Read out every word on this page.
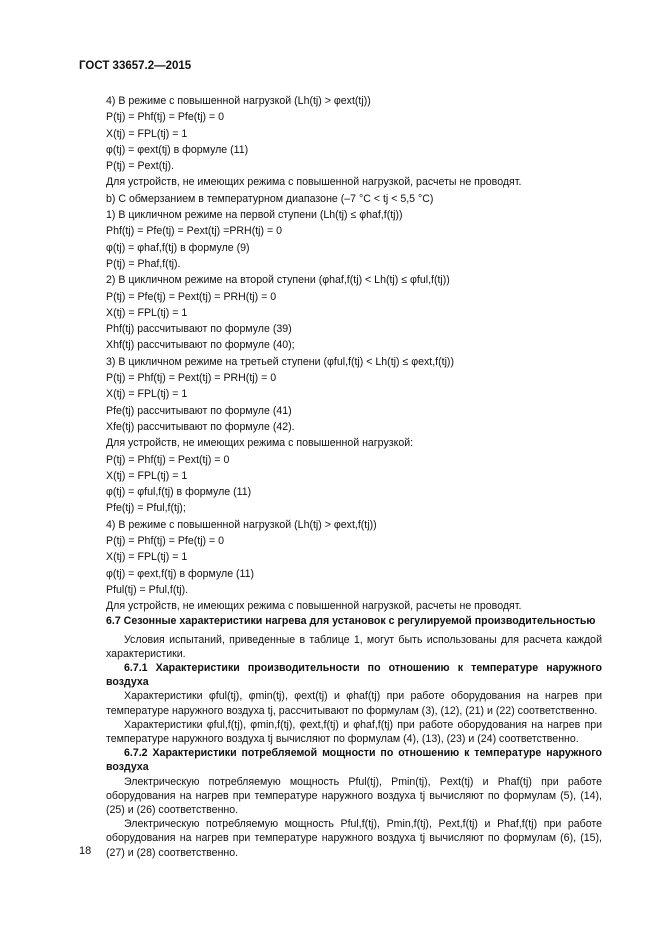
ГОСТ 33657.2—2015
4) В режиме с повышенной нагрузкой (Lh(tj) > φext(tj))
P(tj) = Phf(tj) = Pfe(tj) = 0
X(tj) = FPL(tj) = 1
φ(tj) = φext(tj) в формуле (11)
P(tj) = Pext(tj).
Для устройств, не имеющих режима с повышенной нагрузкой, расчеты не проводят.
b) С обмерзанием в температурном диапазоне (–7 °C < tj < 5,5 °C)
1) В цикличном режиме на первой ступени (Lh(tj) ≤ φhaf,f(tj))
Phf(tj) = Pfe(tj) = Pext(tj) =PRH(tj) = 0
φ(tj) = φhaf,f(tj) в формуле (9)
P(tj) = Phaf,f(tj).
2) В цикличном режиме на второй ступени (φhaf,f(tj) < Lh(tj) ≤ φful,f(tj))
P(tj) = Pfe(tj) = Pext(tj) = PRH(tj) = 0
X(tj) = FPL(tj) = 1
Phf(tj) рассчитывают по формуле (39)
Xhf(tj) рассчитывают по формуле (40);
3) В цикличном режиме на третьей ступени (φful,f(tj) < Lh(tj) ≤ φext,f(tj))
P(tj) = Phf(tj) = Pext(tj) = PRH(tj) = 0
X(tj) = FPL(tj) = 1
Pfe(tj) рассчитывают по формуле (41)
Xfe(tj) рассчитывают по формуле (42).
Для устройств, не имеющих режима с повышенной нагрузкой:
P(tj) = Phf(tj) = Pext(tj) = 0
X(tj) = FPL(tj) = 1
φ(tj) = φful,f(tj) в формуле (11)
Pfe(tj) = Pful,f(tj);
4) В режиме с повышенной нагрузкой (Lh(tj) > φext,f(tj))
P(tj) = Phf(tj) = Pfe(tj) = 0
X(tj) = FPL(tj) = 1
φ(tj) = φext,f(tj) в формуле (11)
Pful(tj) = Pful,f(tj).
Для устройств, не имеющих режима с повышенной нагрузкой, расчеты не проводят.
6.7 Сезонные характеристики нагрева для установок с регулируемой производительностью
Условия испытаний, приведенные в таблице 1, могут быть использованы для расчета каждой характеристики.
6.7.1 Характеристики производительности по отношению к температуре наружного воздуха
Характеристики φful(tj), φmin(tj), φext(tj) и φhaf(tj) при работе оборудования на нагрев при температуре наружного воздуха tj, рассчитывают по формулам (3), (12), (21) и (22) соответственно.
Характеристики φful,f(tj), φmin,f(tj), φext,f(tj) и φhaf,f(tj) при работе оборудования на нагрев при температуре наружного воздуха tj вычисляют по формулам (4), (13), (23) и (24) соответственно.
6.7.2 Характеристики потребляемой мощности по отношению к температуре наружного воздуха
Электрическую потребляемую мощность Pful(tj), Pmin(tj), Pext(tj) и Phaf(tj) при работе оборудования на нагрев при температуре наружного воздуха tj вычисляют по формулам (5), (14), (25) и (26) соответственно.
Электрическую потребляемую мощность Pful,f(tj), Pmin,f(tj), Pext,f(tj) и Phaf,f(tj) при работе оборудования на нагрев при температуре наружного воздуха tj вычисляют по формулам (6), (15), (27) и (28) соответственно.
18
